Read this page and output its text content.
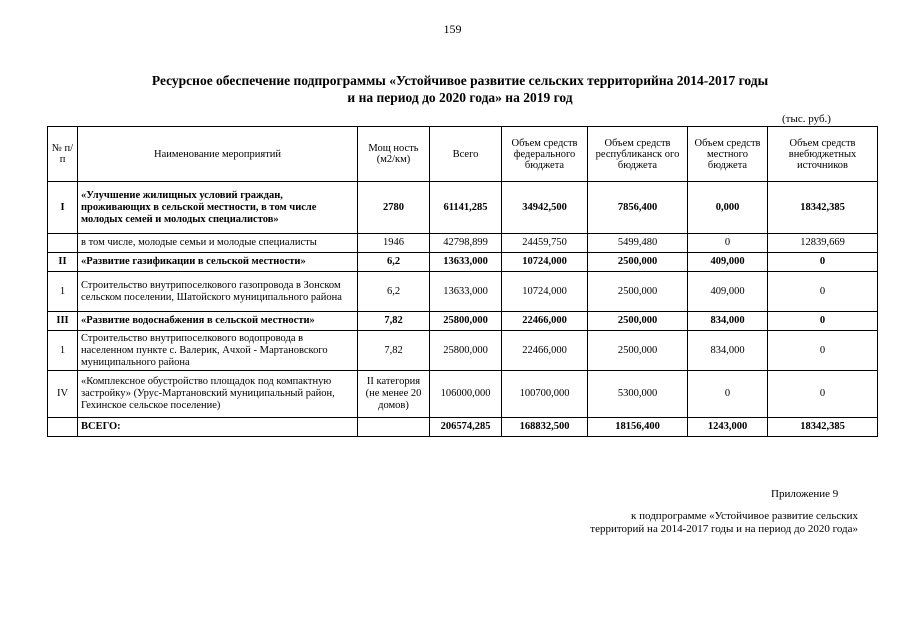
159
Ресурсное обеспечение подпрограммы «Устойчивое развитие сельских территорийна 2014-2017 годы
и на период до 2020 года» на 2019 год
(тыс. руб.)
№ п/ п	Наименование мероприятий	Мощ ность (м2/км)	Всего	Объем средств федерального бюджета	Объем средств республиканск ого бюджета	Объем средств местного бюджета	Объем средств внебюджетных источников
I	«Улучшение жилищных условий граждан, проживающих в сельской местности, в том числе молодых семей и молодых специалистов»	2780	61141,285	34942,500	7856,400	0,000	18342,385
	в том числе, молодые семьи и молодые специалисты	1946	42798,899	24459,750	5499,480	0	12839,669
II	«Развитие газификации в сельской местности»	6,2	13633,000	10724,000	2500,000	409,000	0
1	Строительство внутрипоселкового газопровода в Зонском сельском поселении, Шатойского муниципального района	6,2	13633,000	10724,000	2500,000	409,000	0
III	«Развитие водоснабжения в сельской местности»	7,82	25800,000	22466,000	2500,000	834,000	0
1	Строительство внутрипоселкового водопровода в населенном пункте с. Валерик, Ачхой - Мартановского муниципального района	7,82	25800,000	22466,000	2500,000	834,000	0
IV	«Комплексное обустройство площадок под компактную застройку» (Урус-Мартановский муниципальный район, Гехинское сельское поселение)	II категория (не менее 20 домов)	106000,000	100700,000	5300,000	0	0
	ВСЕГО:		206574,285	168832,500	18156,400	1243,000	18342,385
Приложение 9
к подпрограмме «Устойчивое развитие сельских
территорий на 2014-2017 годы и на период до 2020 года»
